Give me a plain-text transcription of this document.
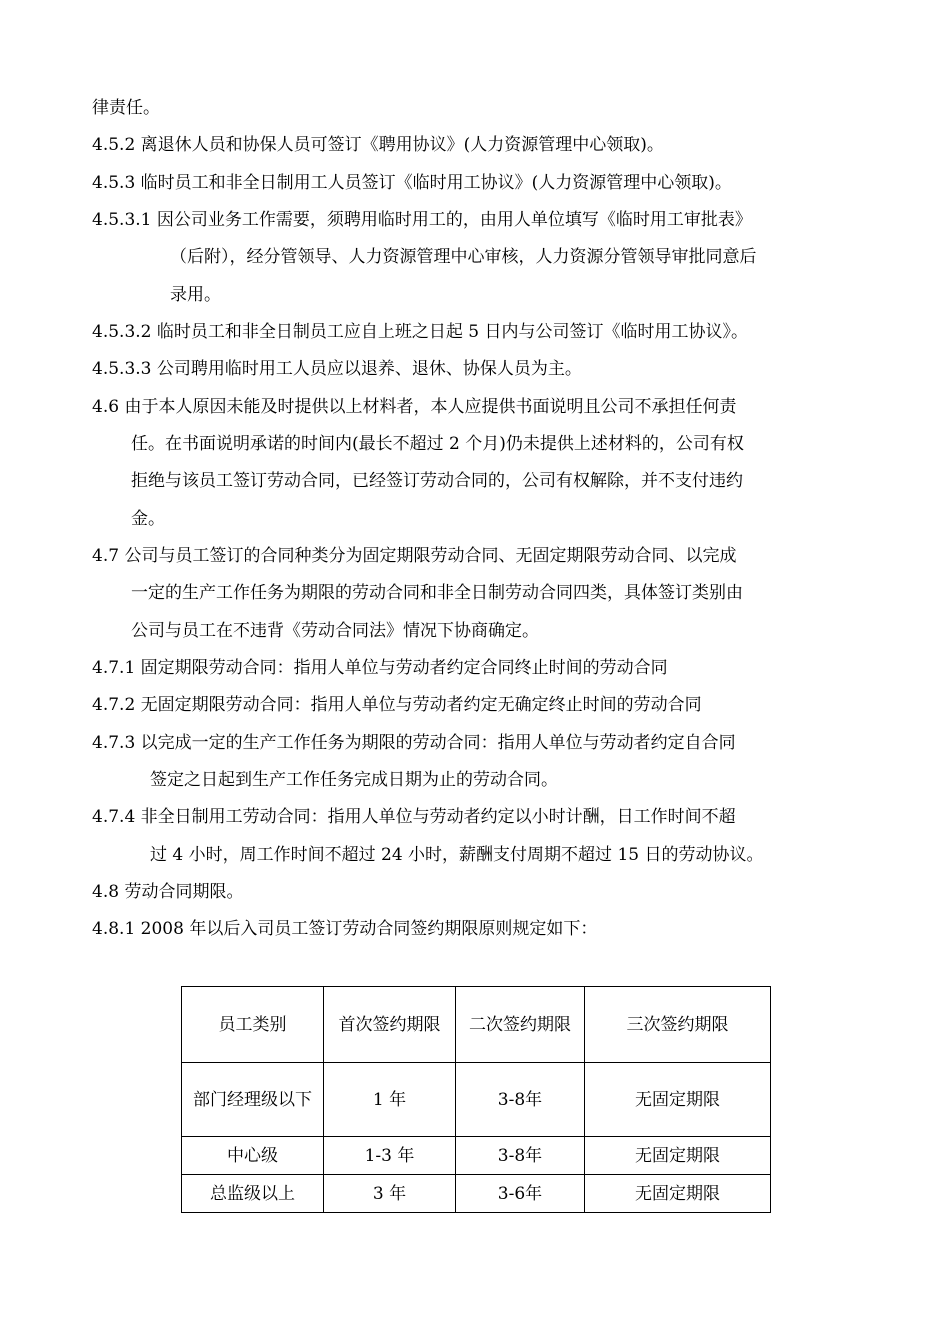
律责任。
4.5.2 离退休人员和协保人员可签订《聘用协议》(人力资源管理中心领取)。
4.5.3 临时员工和非全日制用工人员签订《临时用工协议》(人力资源管理中心领取)。
4.5.3.1 因公司业务工作需要，须聘用临时用工的，由用人单位填写《临时用工审批表》
（后附），经分管领导、人力资源管理中心审核，人力资源分管领导审批同意后
录用。
4.5.3.2 临时员工和非全日制员工应自上班之日起 5 日内与公司签订《临时用工协议》。
4.5.3.3 公司聘用临时用工人员应以退养、退休、协保人员为主。
4.6 由于本人原因未能及时提供以上材料者，本人应提供书面说明且公司不承担任何责
任。在书面说明承诺的时间内(最长不超过 2 个月)仍未提供上述材料的，公司有权
拒绝与该员工签订劳动合同，已经签订劳动合同的，公司有权解除，并不支付违约
金。
4.7 公司与员工签订的合同种类分为固定期限劳动合同、无固定期限劳动合同、以完成
一定的生产工作任务为期限的劳动合同和非全日制劳动合同四类，具体签订类别由
公司与员工在不违背《劳动合同法》情况下协商确定。
4.7.1 固定期限劳动合同：指用人单位与劳动者约定合同终止时间的劳动合同
4.7.2 无固定期限劳动合同：指用人单位与劳动者约定无确定终止时间的劳动合同
4.7.3 以完成一定的生产工作任务为期限的劳动合同：指用人单位与劳动者约定自合同
签定之日起到生产工作任务完成日期为止的劳动合同。
4.7.4 非全日制用工劳动合同：指用人单位与劳动者约定以小时计酬，日工作时间不超
过 4 小时，周工作时间不超过 24 小时，薪酬支付周期不超过 15 日的劳动协议。
4.8 劳动合同期限。
4.8.1 2008 年以后入司员工签订劳动合同签约期限原则规定如下：
员工类别	首次签约期限	二次签约期限	三次签约期限
部门经理级以下	1 年	3-8年	无固定期限
中心级	1-3 年	3-8年	无固定期限
总监级以上	3 年	3-6年	无固定期限
